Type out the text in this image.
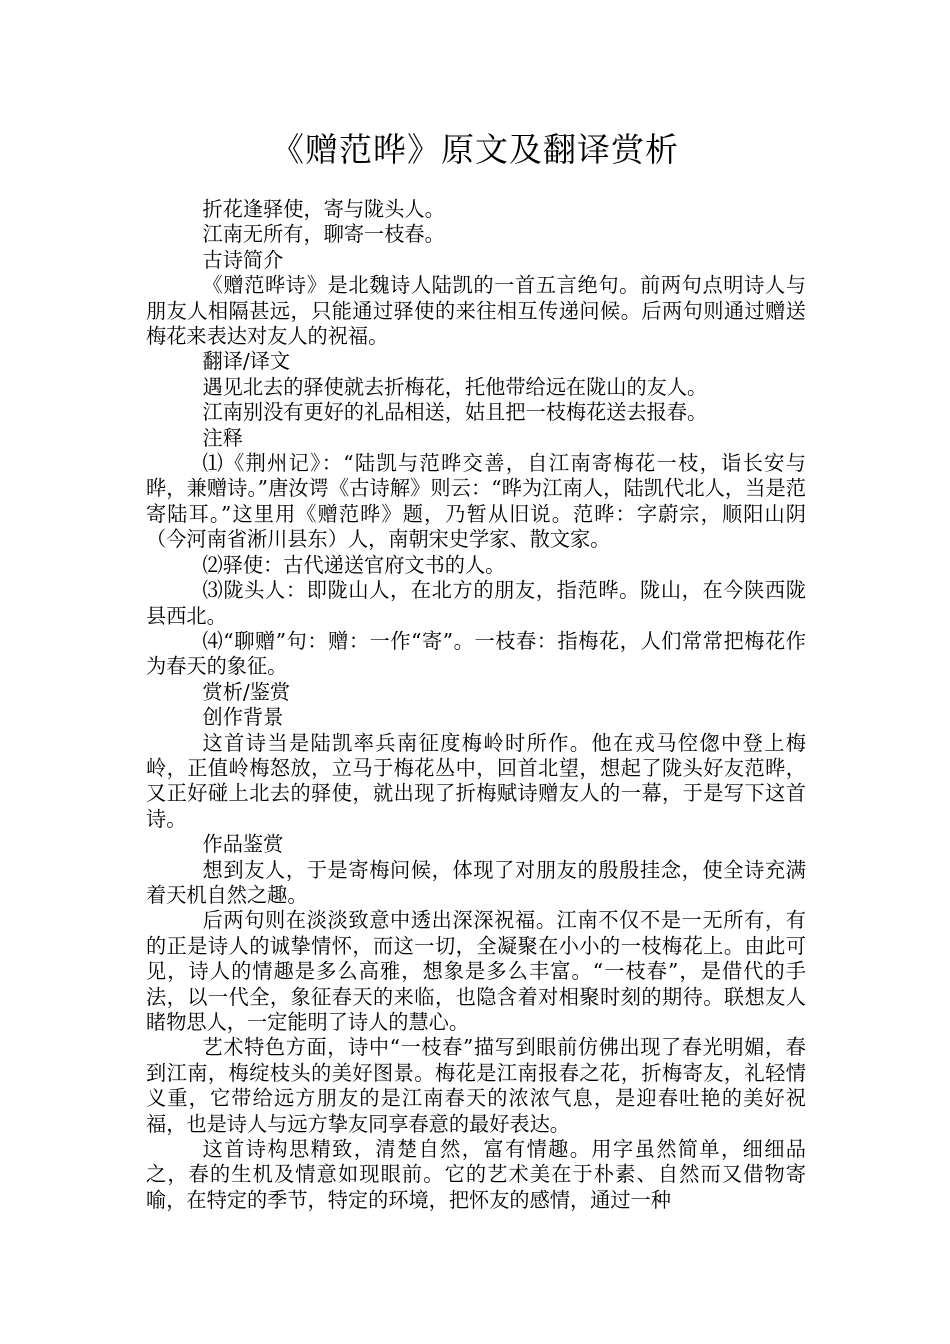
《赠范晔》原文及翻译赏析

折花逢驿使，寄与陇头人。

江南无所有，聊寄一枝春。

古诗简介

《赠范晔诗》是北魏诗人陆凯的一首五言绝句。前两句点明诗人与朋友人相隔甚远，只能通过驿使的来往相互传递问候。后两句则通过赠送梅花来表达对友人的祝福。

翻译/译文

遇见北去的驿使就去折梅花，托他带给远在陇山的友人。

江南别没有更好的礼品相送，姑且把一枝梅花送去报春。

注释

⑴《荆州记》：“陆凯与范晔交善，自江南寄梅花一枝，诣长安与晔，兼赠诗。”唐汝谔《古诗解》则云：“晔为江南人，陆凯代北人，当是范寄陆耳。”这里用《赠范晔》题，乃暂从旧说。范晔：字蔚宗，顺阳山阴（今河南省淅川县东）人，南朝宋史学家、散文家。

⑵驿使：古代递送官府文书的人。

⑶陇头人：即陇山人，在北方的朋友，指范晔。陇山，在今陕西陇县西北。

⑷“聊赠”句：赠：一作“寄”。一枝春：指梅花，人们常常把梅花作为春天的象征。

赏析/鉴赏

创作背景

这首诗当是陆凯率兵南征度梅岭时所作。他在戎马倥偬中登上梅岭，正值岭梅怒放，立马于梅花丛中，回首北望，想起了陇头好友范晔，又正好碰上北去的驿使，就出现了折梅赋诗赠友人的一幕，于是写下这首诗。

作品鉴赏

想到友人，于是寄梅问候，体现了对朋友的殷殷挂念，使全诗充满着天机自然之趣。

后两句则在淡淡致意中透出深深祝福。江南不仅不是一无所有，有的正是诗人的诚挚情怀，而这一切，全凝聚在小小的一枝梅花上。由此可见，诗人的情趣是多么高雅，想象是多么丰富。“一枝春”，是借代的手法，以一代全，象征春天的来临，也隐含着对相聚时刻的期待。联想友人睹物思人，一定能明了诗人的慧心。

艺术特色方面，诗中“一枝春”描写到眼前仿佛出现了春光明媚，春到江南，梅绽枝头的美好图景。梅花是江南报春之花，折梅寄友，礼轻情义重，它带给远方朋友的是江南春天的浓浓气息，是迎春吐艳的美好祝福，也是诗人与远方挚友同享春意的最好表达。

这首诗构思精致，清楚自然，富有情趣。用字虽然简单，细细品之，春的生机及情意如现眼前。它的艺术美在于朴素、自然而又借物寄喻，在特定的季节，特定的环境，把怀友的感情，通过一种
